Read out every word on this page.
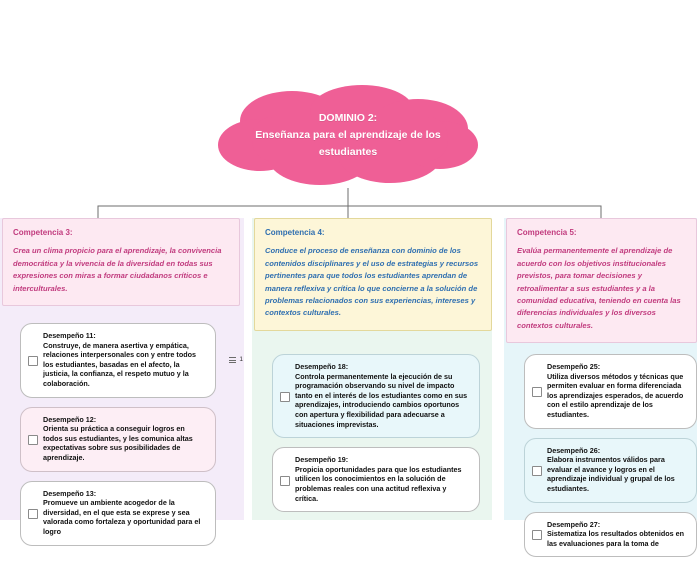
DOMINIO 2:
Enseñanza para el aprendizaje de los estudiantes
Competencia 3:
Crea un clima propicio para el aprendizaje, la convivencia democrática y la vivencia de la diversidad en todas sus expresiones con miras a formar ciudadanos críticos e interculturales.
Desempeño 11:
Construye, de manera asertiva y empática, relaciones interpersonales con y entre todos los estudiantes, basadas en el afecto, la justicia, la confianza, el respeto mutuo y la colaboración.
1
Desempeño 12:
Orienta su práctica a conseguir logros en todos sus estudiantes, y les comunica altas expectativas sobre sus posibilidades de aprendizaje.
Desempeño 13:
Promueve un ambiente acogedor de la diversidad, en el que esta se exprese y sea valorada como fortaleza y oportunidad para el logro
Competencia 4:
Conduce el proceso de enseñanza con dominio de los contenidos disciplinares y el uso de estrategias y recursos pertinentes para que todos los estudiantes aprendan de manera reflexiva y crítica lo que concierne a la solución de problemas relacionados con sus experiencias, intereses y contextos culturales.
Desempeño 18:
Controla permanentemente la ejecución de su programación observando su nivel de impacto tanto en el interés de los estudiantes como en sus aprendizajes, introduciendo cambios oportunos con apertura y flexibilidad para adecuarse a situaciones imprevistas.
Desempeño 19:
Propicia oportunidades para que los estudiantes utilicen los conocimientos en la solución de problemas reales con una actitud reflexiva y crítica.
Competencia 5:
Evalúa permanentemente el aprendizaje de acuerdo con los objetivos institucionales previstos, para tomar decisiones y retroalimentar a sus estudiantes y a la comunidad educativa, teniendo en cuenta las diferencias individuales y los diversos contextos culturales.
Desempeño 25:
Utiliza diversos métodos y técnicas que permiten evaluar en forma diferenciada los aprendizajes esperados, de acuerdo con el estilo aprendizaje de los estudiantes.
Desempeño 26:
Elabora instrumentos válidos para evaluar el avance y logros en el aprendizaje individual y grupal de los estudiantes.
Desempeño 27:
Sistematiza los resultados obtenidos en las evaluaciones para la toma de
